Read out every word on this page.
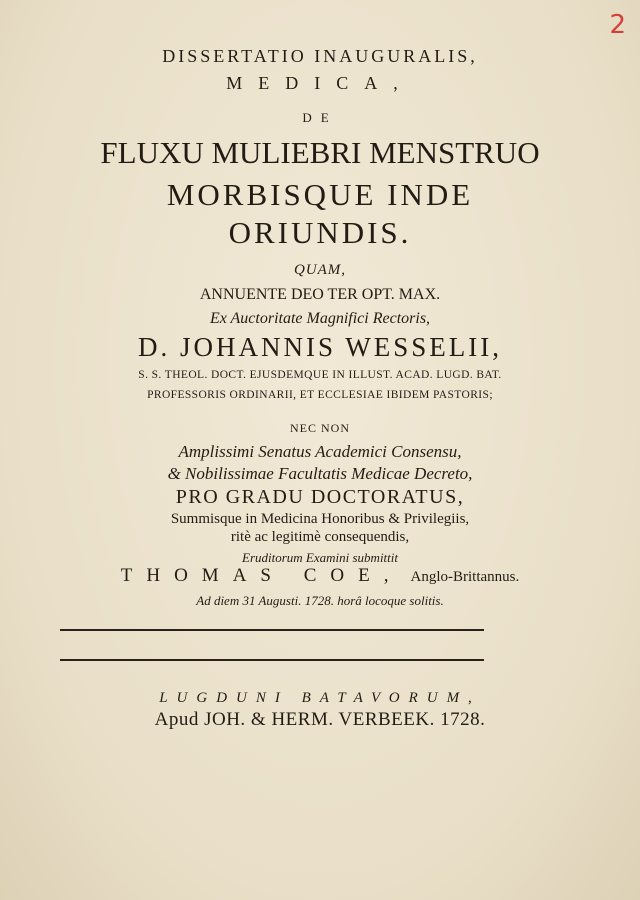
2
DISSERTATIO INAUGURALIS,
MEDICA,
DE
FLUXU MULIEBRI MENSTRUO
MORBISQUE INDE
ORIUNDIS.
QUAM,
ANNUENTE DEO TER OPT. MAX.
Ex Auctoritate Magnifici Rectoris,
D. JOHANNIS WESSELII,
S. S. THEOL. DOCT. EJUSDEMQUE IN ILLUST. ACAD. LUGD. BAT.
PROFESSORIS ORDINARII, ET ECCLESIAE IBIDEM PASTORIS;
NEC NON
Amplissimi Senatus Academici Consensu,
& Nobilissimae Facultatis Medicae Decreto,
PRO GRADU DOCTORATUS,
Summisque in Medicina Honoribus & Privilegiis,
ritè ac legitimè consequendis,
Eruditorum Examini submittit
THOMAS COE, Anglo-Brittannus.
Ad diem 31 Augusti. 1728. horâ locoque solitis.
LUGDUNI BATAVORUM,
Apud JOH. & HERM. VERBEEK. 1728.
